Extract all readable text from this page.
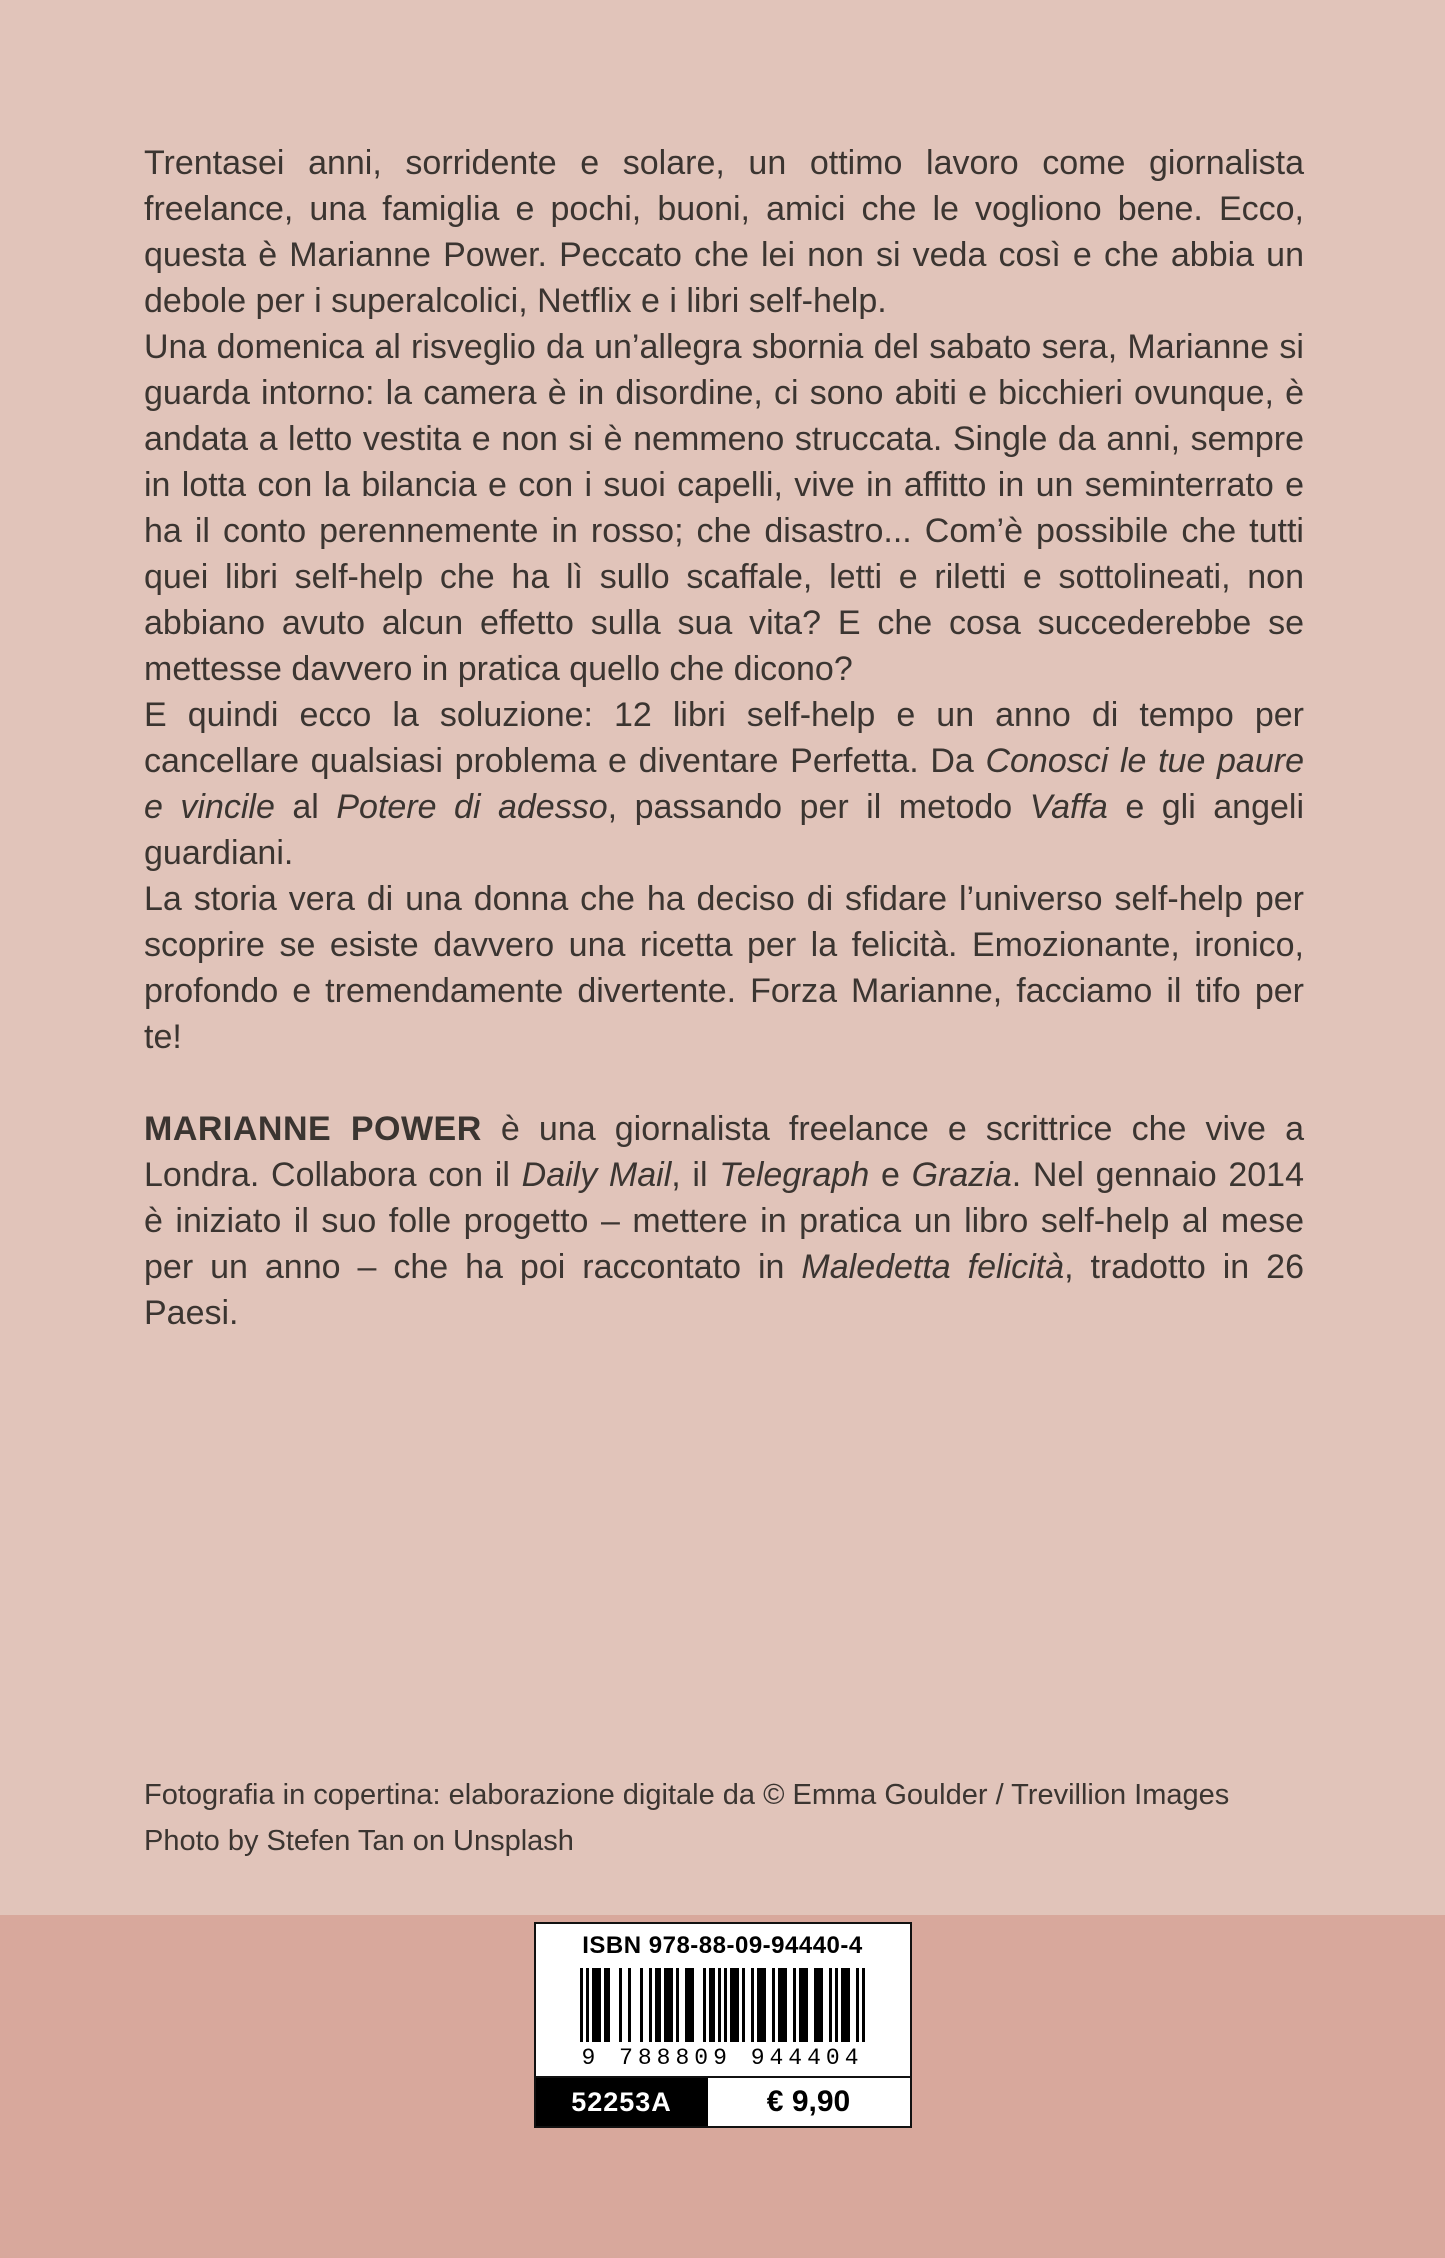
Trentasei anni, sorridente e solare, un ottimo lavoro come giornalista freelance, una famiglia e pochi, buoni, amici che le vogliono bene. Ecco, questa è Marianne Power. Peccato che lei non si veda così e che abbia un debole per i superalcolici, Netflix e i libri self-help.

Una domenica al risveglio da un’allegra sbornia del sabato sera, Marianne si guarda intorno: la camera è in disordine, ci sono abiti e bicchieri ovunque, è andata a letto vestita e non si è nemmeno struccata. Single da anni, sempre in lotta con la bilancia e con i suoi capelli, vive in affitto in un seminterrato e ha il conto perennemente in rosso; che disastro... Com’è possibile che tutti quei libri self-help che ha lì sullo scaffale, letti e riletti e sottolineati, non abbiano avuto alcun effetto sulla sua vita? E che cosa succederebbe se mettesse davvero in pratica quello che dicono?

E quindi ecco la soluzione: 12 libri self-help e un anno di tempo per cancellare qualsiasi problema e diventare Perfetta. Da Conosci le tue paure e vincile al Potere di adesso, passando per il metodo Vaffa e gli angeli guardiani.

La storia vera di una donna che ha deciso di sfidare l’universo self-help per scoprire se esiste davvero una ricetta per la felicità. Emozionante, ironico, profondo e tremendamente divertente. Forza Marianne, facciamo il tifo per te!

MARIANNE POWER è una giornalista freelance e scrittrice che vive a Londra. Collabora con il Daily Mail, il Telegraph e Grazia. Nel gennaio 2014 è iniziato il suo folle progetto – mettere in pratica un libro self-help al mese per un anno – che ha poi raccontato in Maledetta felicità, tradotto in 26 Paesi.

Fotografia in copertina: elaborazione digitale da © Emma Goulder / Trevillion Images
Photo by Stefen Tan on Unsplash
ISBN 978-88-09-94440-4
9 788809 944404
52253A	€ 9,90
